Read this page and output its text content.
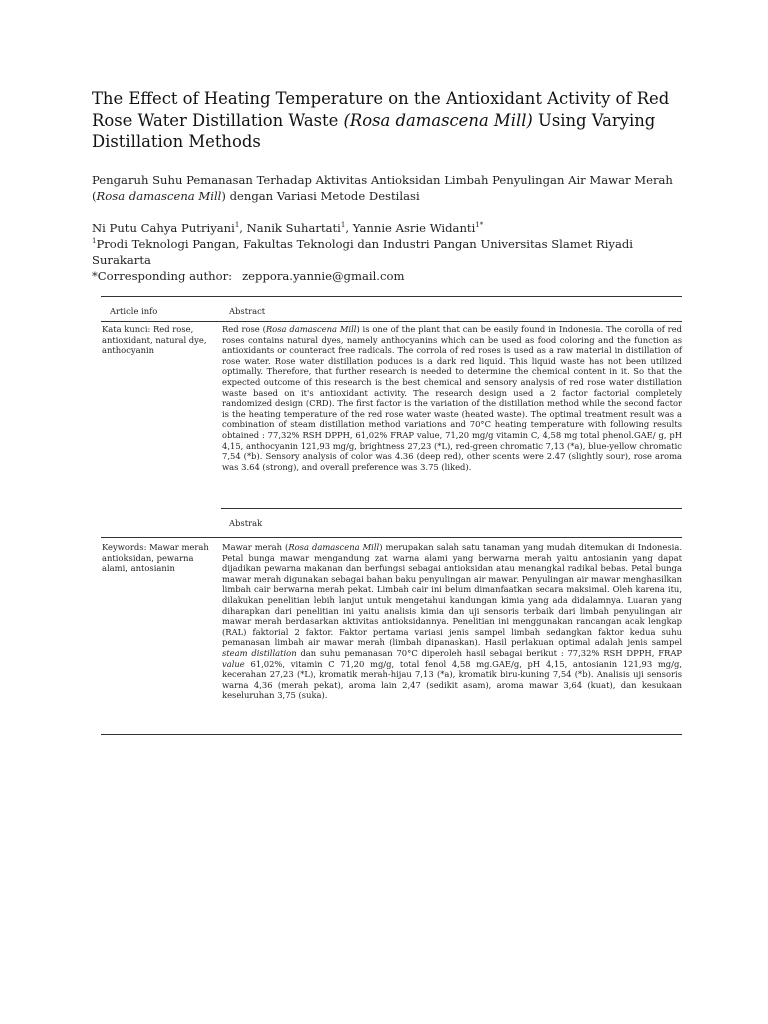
The Effect of Heating Temperature on the Antioxidant Activity of Red Rose Water Distillation Waste (Rosa damascena Mill) Using Varying Distillation Methods
Pengaruh Suhu Pemanasan Terhadap Aktivitas Antioksidan Limbah Penyulingan Air Mawar Merah (Rosa damascena Mill) dengan Variasi Metode Destilasi
Ni Putu Cahya Putriyani$^1$, Nanik Suhartati$^1$, Yannie Asrie Widanti$^{1*}$
$^1$Prodi Teknologi Pangan, Fakultas Teknologi dan Industri Pangan Universitas Slamet Riyadi Surakarta
*Corresponding author: zeppora.yannie@gmail.com
Article info	Abstract
Kata kunci: Red rose, antioxidant, natural dye, anthocyanin
Red rose (Rosa damascena Mill) is one of the plant that can be easily found in Indonesia. The corolla of red roses contains natural dyes, namely anthocyanins which can be used as food coloring and the function as antioxidants or counteract free radicals. The corrola of red roses is used as a raw material in distillation of rose water. Rose water distillation poduces is a dark red liquid. This liquid waste has not been utilized optimally. Therefore, that further research is needed to determine the chemical content in it. So that the expected outcome of this research is the best chemical and sensory analysis of red rose water distillation waste based on it's antioxidant activity. The research design used a 2 factor factorial completely randomized design (CRD). The first factor is the variation of the distillation method while the second factor is the heating temperature of the red rose water waste (heated waste). The optimal treatment result was a combination of steam distillation method variations and 70°C heating temperature with following results obtained : 77,32% RSH DPPH, 61,02% FRAP value, 71,20 mg/g vitamin C, 4,58 mg total phenol.GAE/ g, pH 4,15, anthocyanin 121,93 mg/g, brightness 27,23 (*L), red-green chromatic 7,13 (*a), blue-yellow chromatic 7,54 (*b). Sensory analysis of color was 4.36 (deep red), other scents were 2.47 (slightly sour), rose aroma was 3.64 (strong), and overall preference was 3.75 (liked).
Abstrak
Keywords: Mawar merah antioksidan, pewarna alami, antosianin
Mawar merah (Rosa damascena Mill) merupakan salah satu tanaman yang mudah ditemukan di Indonesia. Petal bunga mawar mengandung zat warna alami yang berwarna merah yaitu antosianin yang dapat dijadikan pewarna makanan dan berfungsi sebagai antioksidan atau menangkal radikal bebas. Petal bunga mawar merah digunakan sebagai bahan baku penyulingan air mawar. Penyulingan air mawar menghasilkan limbah cair berwarna merah pekat. Limbah cair ini belum dimanfaatkan secara maksimal. Oleh karena itu, dilakukan penelitian lebih lanjut untuk mengetahui kandungan kimia yang ada didalamnya. Luaran yang diharapkan dari penelitian ini yaitu analisis kimia dan uji sensoris terbaik dari limbah penyulingan air mawar merah berdasarkan aktivitas antioksidannya. Penelitian ini menggunakan rancangan acak lengkap (RAL) faktorial 2 faktor. Faktor pertama variasi jenis sampel limbah sedangkan faktor kedua suhu pemanasan limbah air mawar merah (limbah dipanaskan). Hasil perlakuan optimal adalah jenis sampel steam distillation dan suhu pemanasan 70°C diperoleh hasil sebagai berikut : 77,32% RSH DPPH, FRAP value 61,02%, vitamin C 71,20 mg/g, total fenol 4,58 mg.GAE/g, pH 4,15, antosianin 121,93 mg/g, kecerahan 27,23 (*L), kromatik merah-hijau 7,13 (*a), kromatik biru-kuning 7,54 (*b). Analisis uji sensoris warna 4,36 (merah pekat), aroma lain 2,47 (sedikit asam), aroma mawar 3,64 (kuat), dan kesukaan keseluruhan 3,75 (suka).
